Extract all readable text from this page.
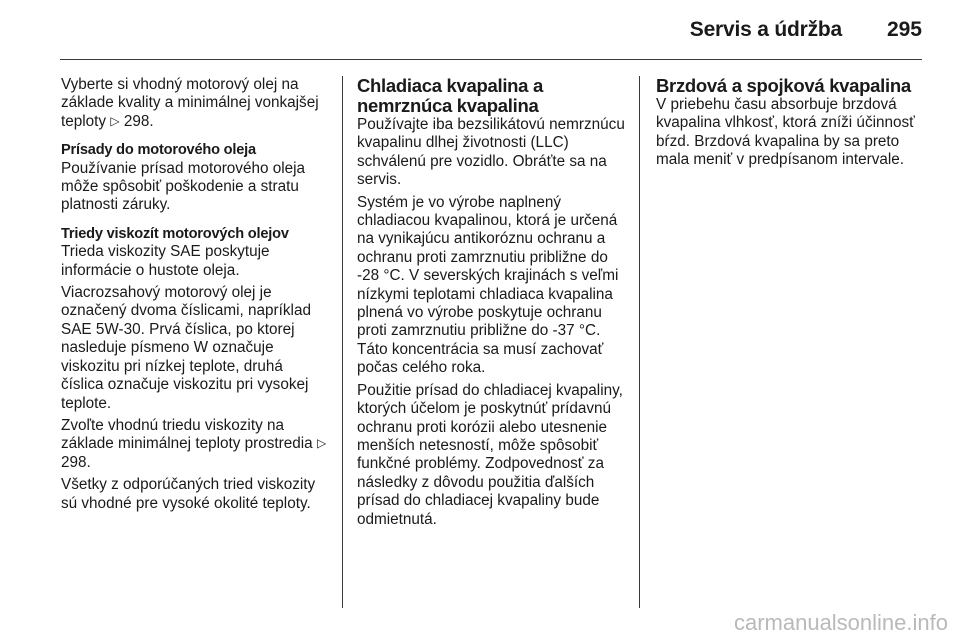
Servis a údržba 295

Vyberte si vhodný motorový olej na základe kvality a minimálnej vonkajšej teploty ▷ 298.

Prísady do motorového oleja

Používanie prísad motorového oleja môže spôsobiť poškodenie a stratu platnosti záruky.

Triedy viskozít motorových olejov

Trieda viskozity SAE poskytuje informácie o hustote oleja.

Viacrozsahový motorový olej je označený dvoma číslicami, napríklad SAE 5W-30. Prvá číslica, po ktorej nasleduje písmeno W označuje viskozitu pri nízkej teplote, druhá číslica označuje viskozitu pri vysokej teplote.

Zvoľte vhodnú triedu viskozity na základe minimálnej teploty prostredia ▷ 298.

Všetky z odporúčaných tried viskozity sú vhodné pre vysoké okolité teploty.

Chladiaca kvapalina a nemrznúca kvapalina

Používajte iba bezsilikátovú nemrznúcu kvapalinu dlhej životnosti (LLC) schválenú pre vozidlo. Obráťte sa na servis.

Systém je vo výrobe naplnený chladiacou kvapalinou, ktorá je určená na vynikajúcu antikoróznu ochranu a ochranu proti zamrznutiu približne do -28 °C. V severských krajinách s veľmi nízkymi teplotami chladiaca kvapalina plnená vo výrobe poskytuje ochranu proti zamrznutiu približne do -37 °C. Táto koncentrácia sa musí zachovať počas celého roka.

Použitie prísad do chladiacej kvapaliny, ktorých účelom je poskytnúť prídavnú ochranu proti korózii alebo utesnenie menších netesností, môže spôsobiť funkčné problémy. Zodpovednosť za následky z dôvodu použitia ďalších prísad do chladiacej kvapaliny bude odmietnutá.

Brzdová a spojková kvapalina

V priebehu času absorbuje brzdová kvapalina vlhkosť, ktorá zníži účinnosť bŕzd. Brzdová kvapalina by sa preto mala meniť v predpísanom intervale.

carmanualsonline.info
